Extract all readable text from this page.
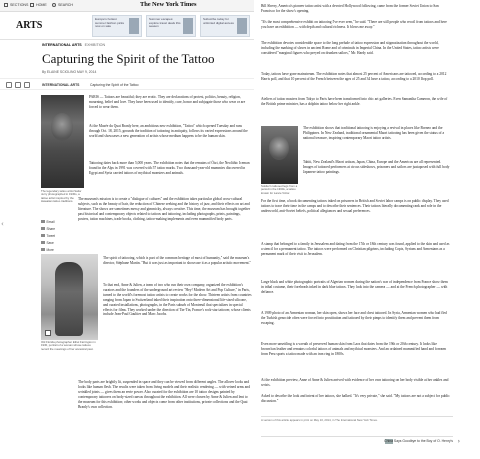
SECTIONS HOME	SEARCH	The New York Times
ARTS
Europe's hottest summer fashion picks now on sale
Summer escapes: explore travel deals this season
Subscribe today for unlimited digital access
INTERNATIONAL ARTS EXHIBITION
Capturing the Spirit of the Tattoo
By ELAINE SCIOLINO MAY 9, 2014
INTERNATIONAL ARTS	Capturing the Spirit of the Tattoo
The legendary tattoo artist Sailor Jerry photographed in 1930s, a tattoo artist inspired by the Hawaiian tattoo traditions.
Email
Share
Tweet
Save
More

PARIS — Tattoos are beautiful; they are erotic. They are declarations of protest, politics, beauty, religion, mourning, belief and love. They have been used to identify, cure, honor and subjugate those who wear or are forced to wear them.

At the Musée du Quai Branly here, an ambitious new exhibition, "Tattoo" which opened Tuesday and runs through Oct. 18, 2015, grounds the tradition of tattooing in antiquity, follows its varied expressions around the world and showcases a new generation of artists whose medium happens to be the human skin.

Tattooing dates back more than 5,000 years. The exhibition notes that the remains of Ötzi, the Neolithic Iceman found in the Alps in 1991 was covered with 57 tattoo marks. Two thousand-year-old mummies discovered in Egypt and Syria carried tattoos of mythical monsters and animals.

The museum's mission is to create a "dialogue of cultures" and the exhibition takes particular global cross-cultural subjects, such as the beauty of hair, the reduction of Chinese seeking and the history of jazz, and their effects on art and literature. The shows are sometimes messy and gimmicky, always creative. This time, the museum has brought together past historical and contemporary objects related to tattoos and tattooing, including photographs, prints, paintings, posters, tattoo machines, trade books, clothing, tattoo-making implements and even mummified body parts.

Old Florida photographer Ethel Farrington in 1930, portrait of a woman whose tattoos record the meanings of her ancestral past.

The spirit of tattooing, which is part of the common heritage of most of humanity," said the museum's director, Stéphane Martin. "But it was just as important to showcase it as a popular artistic movement."

To that end, Anne & Julien, a team of two who run their own company, organized the exhibition's curators and the founders of the underground art review "Hey! Modern Art and Pop Culture," in Paris, turned to the world's foremost tattoo artists to create works for the show. Thirteen artists from countries ranging from Japan to Switzerland inked their inspiration onto three-dimensional life-sized silicone, and curated installations, photographs, in the Paris suburb of Montreuil that specializes in special effects for films. They worked under the direction of Tin-Tin, France's rock-star tattooer, whose clients include Jean-Paul Gaultier and Marc Jacobs.

The body parts are brightly lit, suspended in space and they can be viewed from different angles. The allover looks and looks like human flesh. The results were taken from living models and their realistic rendering — with veined arms and wrinkled joints — gives them an eerie power. Also curated for the exhibition are 10 tattoo designs painted by contemporary tattooers on body-sized canvas throughout the exhibition. All were chosen by Anne & Julien and lent to the museum for this exhibition; other works and objects come from other institutions, private collections and the Quai Branly's own collection.

Bill Sherry, America's pioneer tattoo artist with a devoted Hollywood following, came from the former Soviet Union to San Francisco for the show's opening.

"It's the most comprehensive exhibit on tattooing I've ever seen," he said. "There are still people who recoil from tattoos and here you have an exhibition — with depth and cultural richness. It blows me away."

The exhibition devotes considerable space to the long prelude of tattoo expression and stigmatization throughout the world, including the marking of slaves in ancient Rome and of criminals in Imperial China. In the United States, tattoo artists were considered "marginal figures who preyed on drunken sailors," Mr. Hardy said.

Today, tattoos have gone mainstream. The exhibition notes that almost 25 percent of Americans are tattooed, according to a 2012 Harris poll, and that 10 percent of the French between the ages of 25 and 34 have a tattoo, according to a 2010 Ifop poll.

Ateliers of tattoo masters from Tokyo to Paris have been transformed into chic art galleries. Even Samantha Cameron, the wife of the British prime minister, has a dolphin tattoo below her right ankle.

Soldier's tattooed legs from a period in the 1930s, a tattoo known for Lance Victor.

The exhibition shows that traditional tattooing is enjoying a revival in places like Borneo and the Philippines. In New Zealand, traditional ornamental Maori tattooing has been given the status of a national treasure, inspiring contemporary Maori tattoo artists.

Tahiti, New Zealand's Maori artisan, Japan, China, Europe and the Americas are all represented. Images of tattooed performers at circus sideshows, prisoners and sailors are juxtaposed with full body Japanese tattoo paintings.

For the first time, a book documenting tattoos inked on prisoners in British and Soviet labor camps is on public display. They used tattoos to trace their time in the camps and to describe their sentences. Their tattoos literally documenting rank and role in the underworld, anti-Soviet beliefs, political allegiances and sexual preferences.

A stamp that belonged to a family in Jerusalem and dating from the 17th or 18th century was found, applied to the skin and used as a stencil for a permanent tattoo. The tattoos were performed on Christian pilgrims, including Copts, Syrians and Armenians as a permanent mark of their visit to Jerusalem.

Large black and white photographic portraits of Algerian women during the nation's war of independence from France show them in tribal costume, their foreheads inked in dark blue tattoos. They look into the camera — and at the French photographer — with defiance.

A 1909 photo of an Armenian woman, her skin open, shows her face and chest tattooed. In Syria, Armenian women who had fled the Turkish genocide often were forced into prostitution and tattooed by their pimps to identify them and prevent them from escaping.

Even more unsettling is a wreath of preserved human skin from Laos that dates from the 19th or 20th century. It looks like brown/tan leather and remains colorful tattoos of animals and mythical monsters. And an ordained mummified hand and forearm from Peru sports a tattoo made with an iron ring in 1800s.

At the exhibition preview, Anne of Anne & Julien arrived with evidence of her own tattooing on her body visible at her ankles and wrists.

Asked to describe the look and intent of her tattoos, she balked. "It's very private," she said. "My tattoos are not a subject for public discussion."

A version of this article appears in print on May 10, 2014, in The International New York Times.
China Says Goodbye to the Boy of O. Henry's ›
‹
